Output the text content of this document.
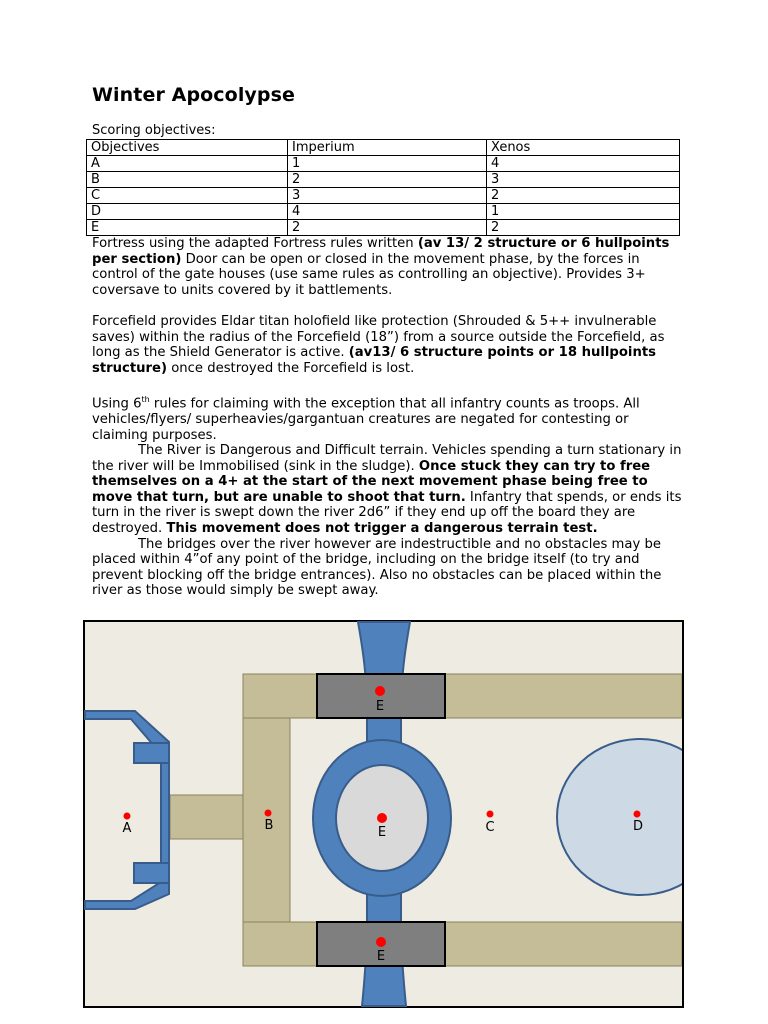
Winter Apocolypse
Scoring objectives:
Objectives	Imperium	Xenos
A	1	4
B	2	3
C	3	2
D	4	1
E	2	2

Fortress using the adapted Fortress rules written (av 13/ 2 structure or 6 hullpoints per section) Door can be open or closed in the movement phase, by the forces in control of the gate houses (use same rules as controlling an objective). Provides 3+ coversave to units covered by it battlements.

Forcefield provides Eldar titan holofield like protection (Shrouded & 5++ invulnerable saves) within the radius of the Forcefield (18”) from a source outside the Forcefield, as long as the Shield Generator is active. (av13/ 6 structure points or 18 hullpoints structure) once destroyed the Forcefield is lost.

Using 6th rules for claiming with the exception that all infantry counts as troops. All vehicles/flyers/ superheavies/gargantuan creatures are negated for contesting or claiming purposes.

The River is Dangerous and Difficult terrain. Vehicles spending a turn stationary in the river will be Immobilised (sink in the sludge). Once stuck they can try to free themselves on a 4+ at the start of the next movement phase being free to move that turn, but are unable to shoot that turn. Infantry that spends, or ends its turn in the river is swept down the river 2d6” if they end up off the board they are destroyed. This movement does not trigger a dangerous terrain test.

The bridges over the river however are indestructible and no obstacles may be placed within 4”of any point of the bridge, including on the bridge itself (to try and prevent blocking off the bridge entrances). Also no obstacles can be placed within the river as those would simply be swept away.

A	B	C	D
E
E
E
